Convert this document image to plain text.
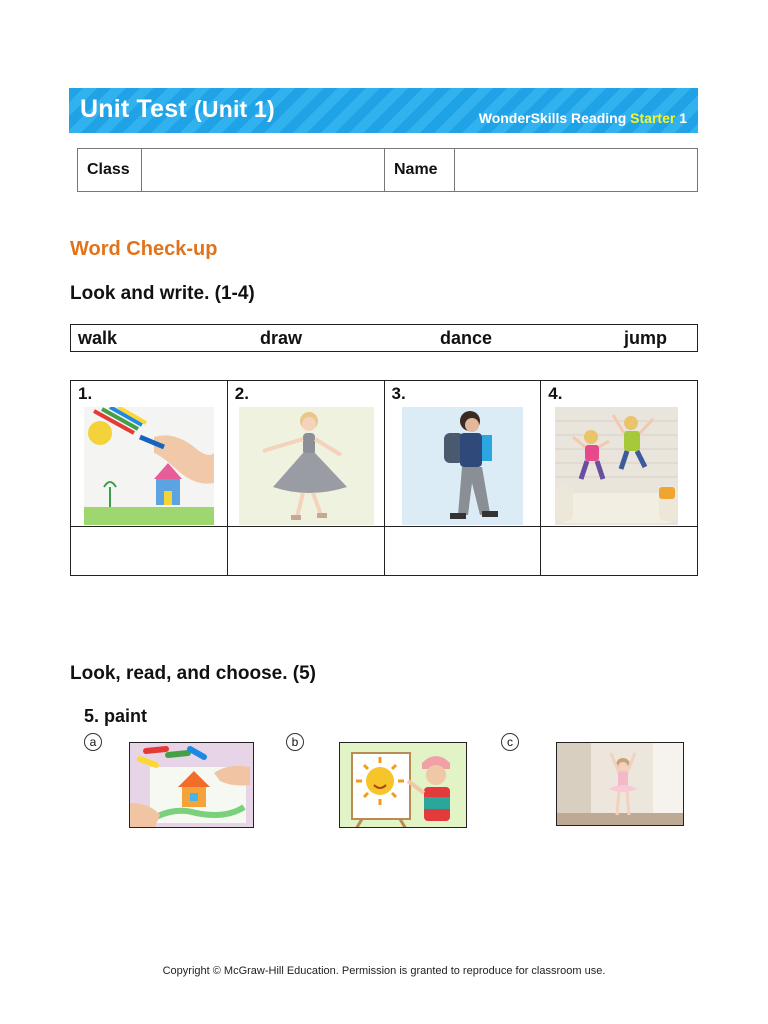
Unit Test (Unit 1)	WonderSkills Reading Starter 1
Class		Name	
Word Check-up
Look and write. (1-4)
walk	draw	dance	jump
1.	2.	3.	4.

Look, read, and choose. (5)
5. paint
a	b	c
Copyright © McGraw-Hill Education. Permission is granted to reproduce for classroom use.
